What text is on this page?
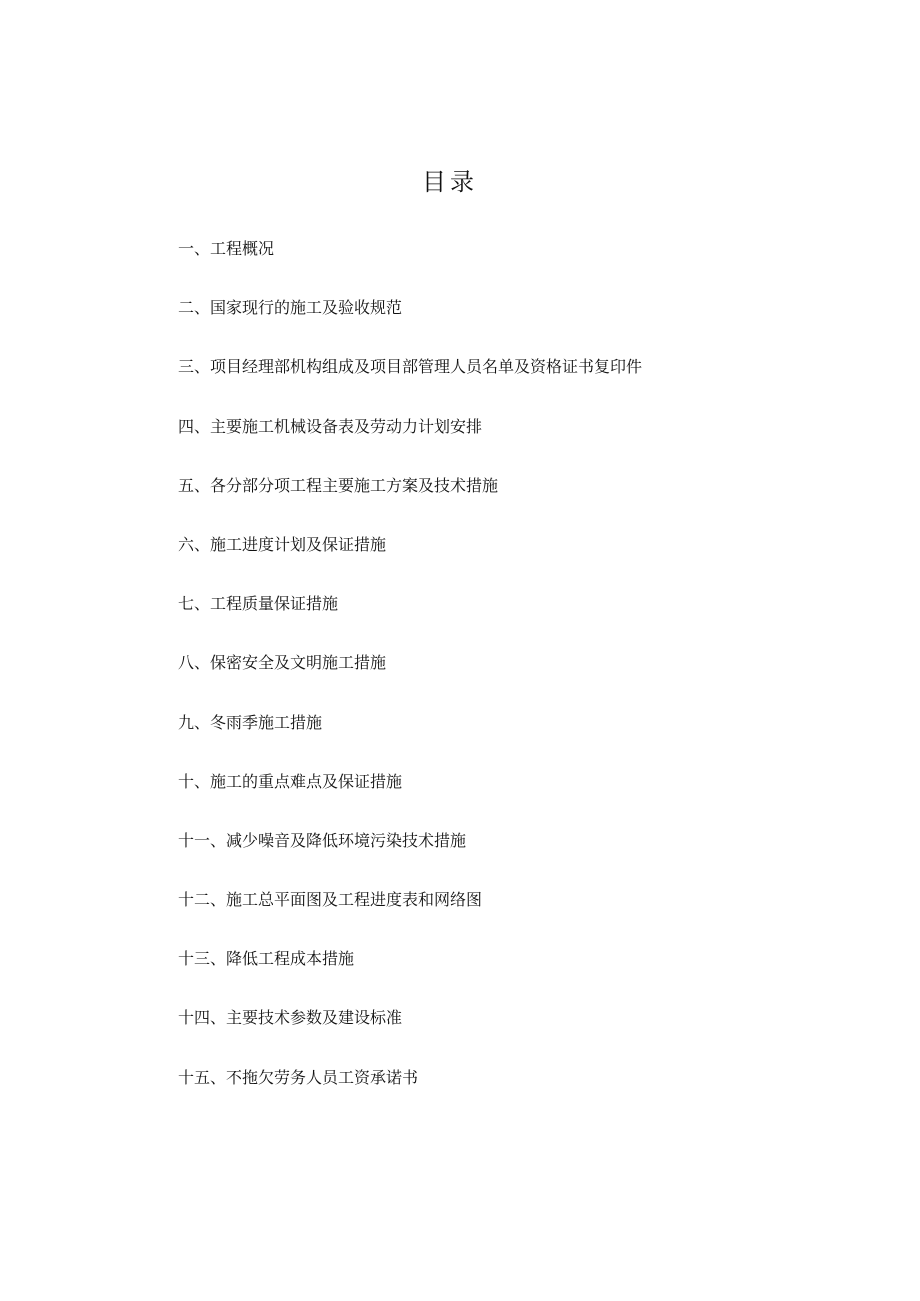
目录
一、工程概况
二、国家现行的施工及验收规范
三、项目经理部机构组成及项目部管理人员名单及资格证书复印件
四、主要施工机械设备表及劳动力计划安排
五、各分部分项工程主要施工方案及技术措施
六、施工进度计划及保证措施
七、工程质量保证措施
八、保密安全及文明施工措施
九、冬雨季施工措施
十、施工的重点难点及保证措施
十一、减少噪音及降低环境污染技术措施
十二、施工总平面图及工程进度表和网络图
十三、降低工程成本措施
十四、主要技术参数及建设标准
十五、不拖欠劳务人员工资承诺书
